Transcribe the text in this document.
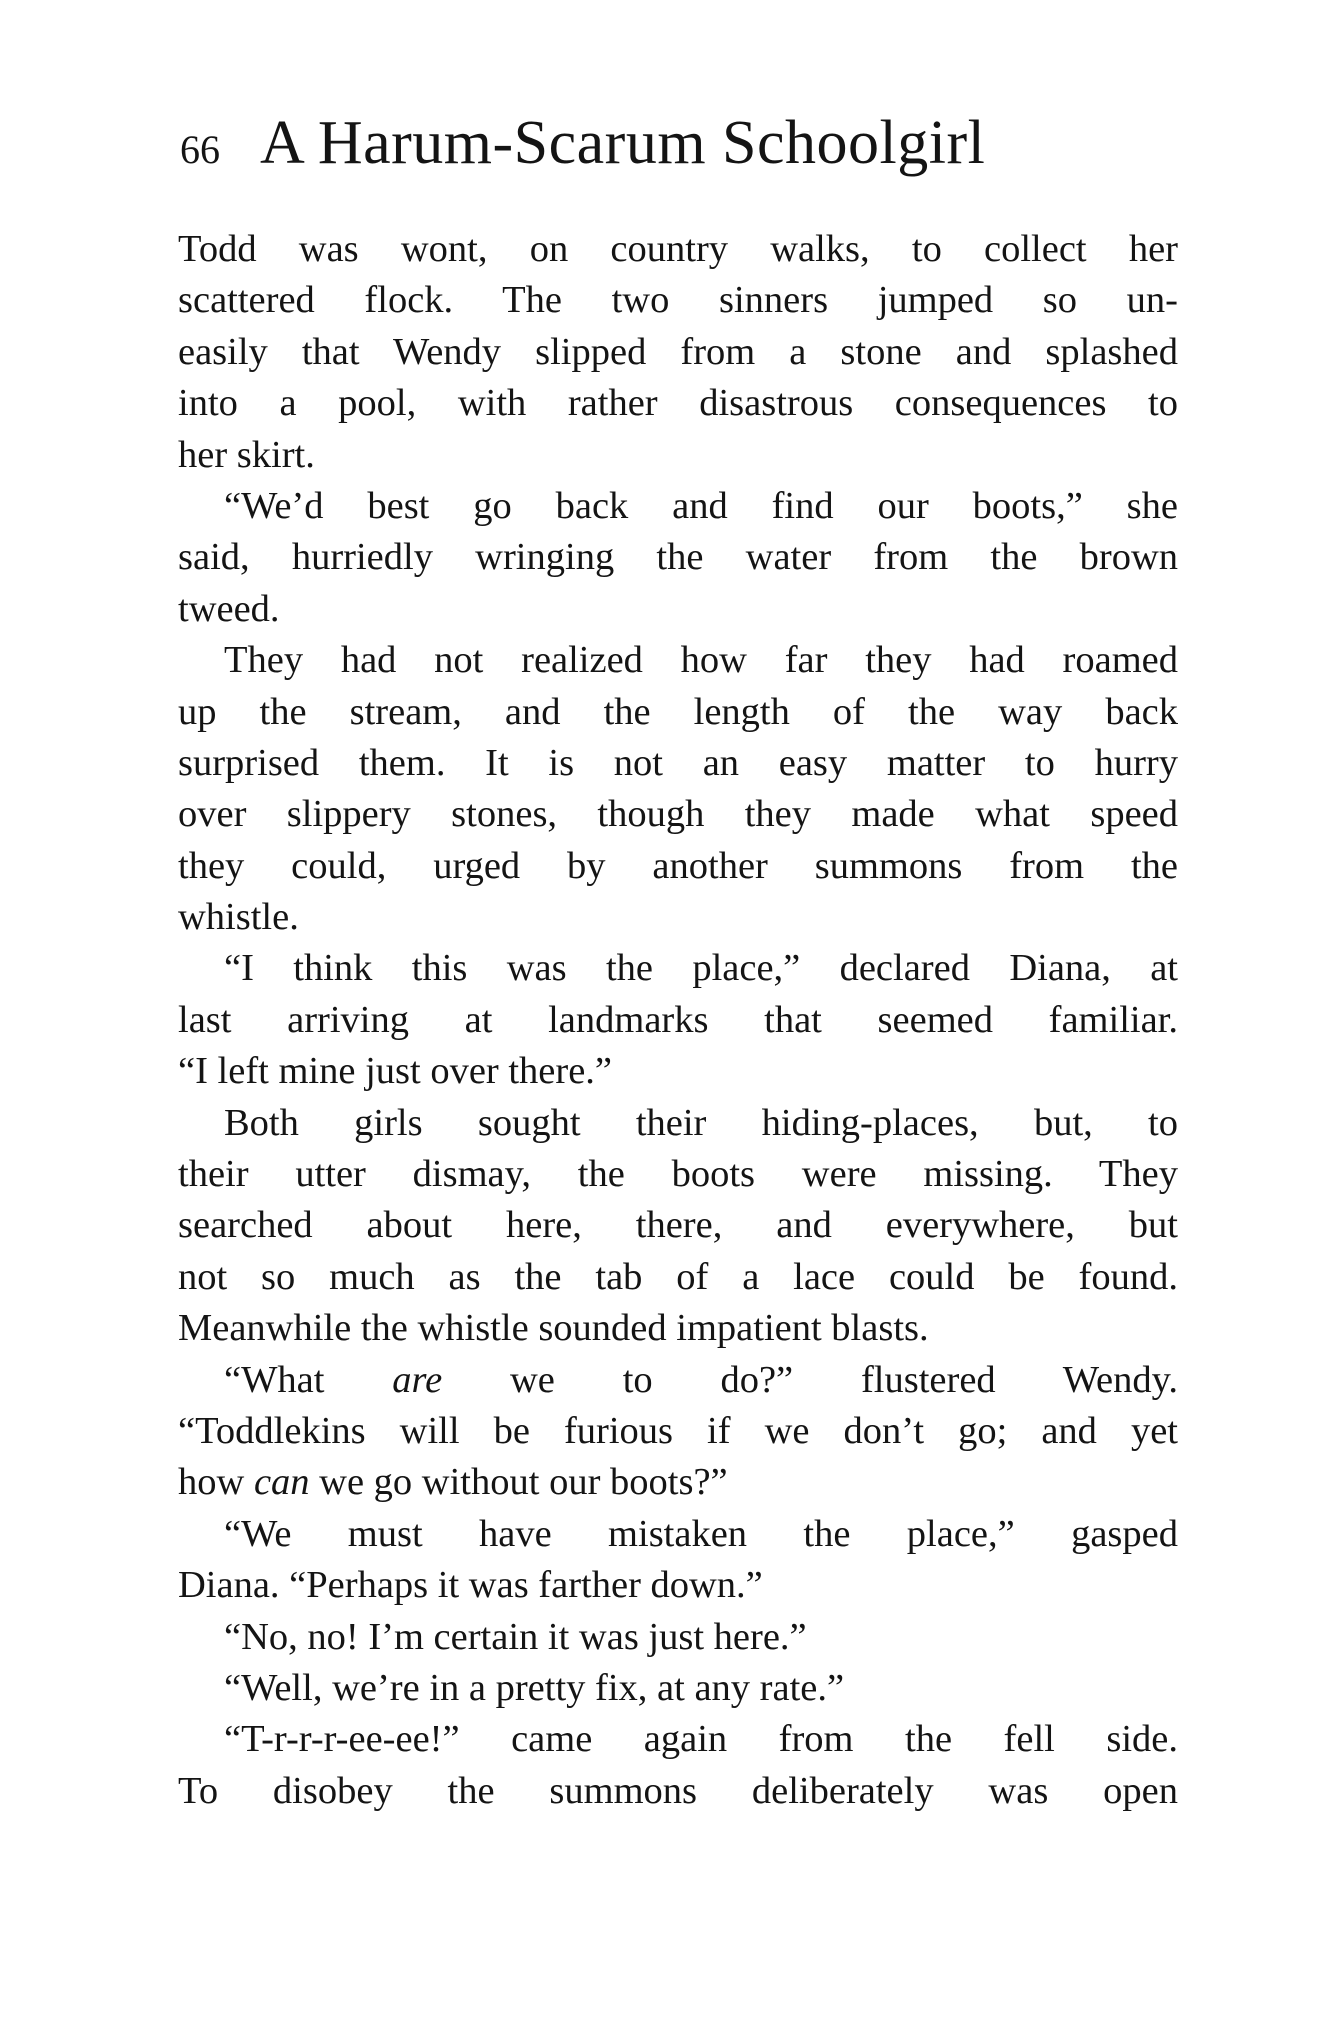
66 A Harum-Scarum Schoolgirl
Todd was wont, on country walks, to collect her
scattered flock. The two sinners jumped so un-
easily that Wendy slipped from a stone and splashed
into a pool, with rather disastrous consequences to
her skirt.
“We’d best go back and find our boots,” she
said, hurriedly wringing the water from the brown
tweed.
They had not realized how far they had roamed
up the stream, and the length of the way back
surprised them. It is not an easy matter to hurry
over slippery stones, though they made what speed
they could, urged by another summons from the
whistle.
“I think this was the place,” declared Diana, at
last arriving at landmarks that seemed familiar.
“I left mine just over there.”
Both girls sought their hiding-places, but, to
their utter dismay, the boots were missing. They
searched about here, there, and everywhere, but
not so much as the tab of a lace could be found.
Meanwhile the whistle sounded impatient blasts.
“What are we to do?” flustered Wendy.
“Toddlekins will be furious if we don’t go; and yet
how can we go without our boots?”
“We must have mistaken the place,” gasped
Diana. “Perhaps it was farther down.”
“No, no! I’m certain it was just here.”
“Well, we’re in a pretty fix, at any rate.”
“T-r-r-r-ee-ee!” came again from the fell side.
To disobey the summons deliberately was open
